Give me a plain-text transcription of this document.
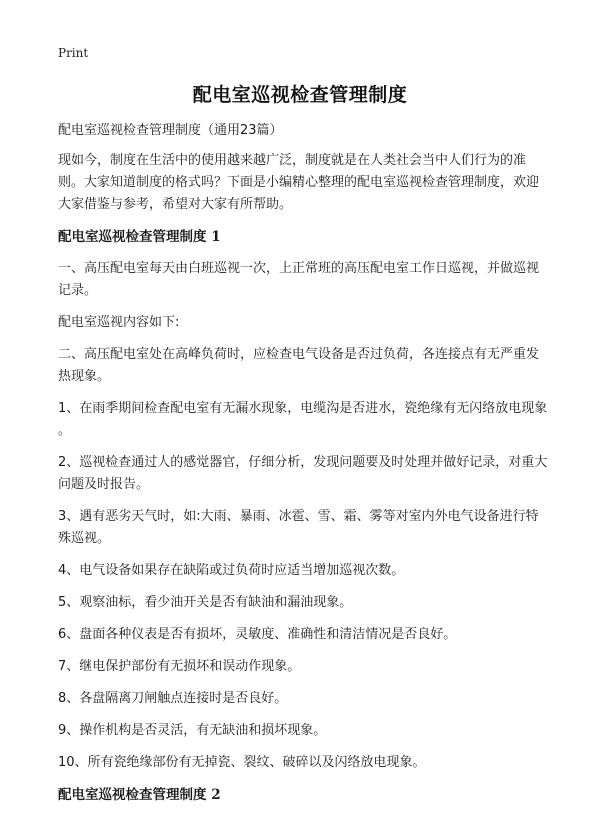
Print
配电室巡视检查管理制度

配电室巡视检查管理制度（通用23篇）

现如今，制度在生活中的使用越来越广泛，制度就是在人类社会当中人们行为的准则。大家知道制度的格式吗？下面是小编精心整理的配电室巡视检查管理制度，欢迎大家借鉴与参考，希望对大家有所帮助。

配电室巡视检查管理制度 1

一、高压配电室每天由白班巡视一次，上正常班的高压配电室工作日巡视，并做巡视记录。

配电室巡视内容如下:

二、高压配电室处在高峰负荷时，应检查电气设备是否过负荷，各连接点有无严重发热现象。

1、在雨季期间检查配电室有无漏水现象，电缆沟是否进水，瓷绝缘有无闪络放电现象 。

2、巡视检查通过人的感觉器官，仔细分析，发现问题要及时处理并做好记录，对重大问题及时报告。

3、遇有恶劣天气时，如:大雨、暴雨、冰雹、雪、霜、雾等对室内外电气设备进行特殊巡视。

4、电气设备如果存在缺陷或过负荷时应适当增加巡视次数。

5、观察油标，看少油开关是否有缺油和漏油现象。

6、盘面各种仪表是否有损坏，灵敏度、准确性和清洁情况是否良好。

7、继电保护部份有无损坏和误动作现象。

8、各盘隔离刀闸触点连接时是否良好。

9、操作机构是否灵活，有无缺油和损坏现象。

10、所有瓷绝缘部份有无掉瓷、裂纹、破碎以及闪络放电现象。

配电室巡视检查管理制度 2
